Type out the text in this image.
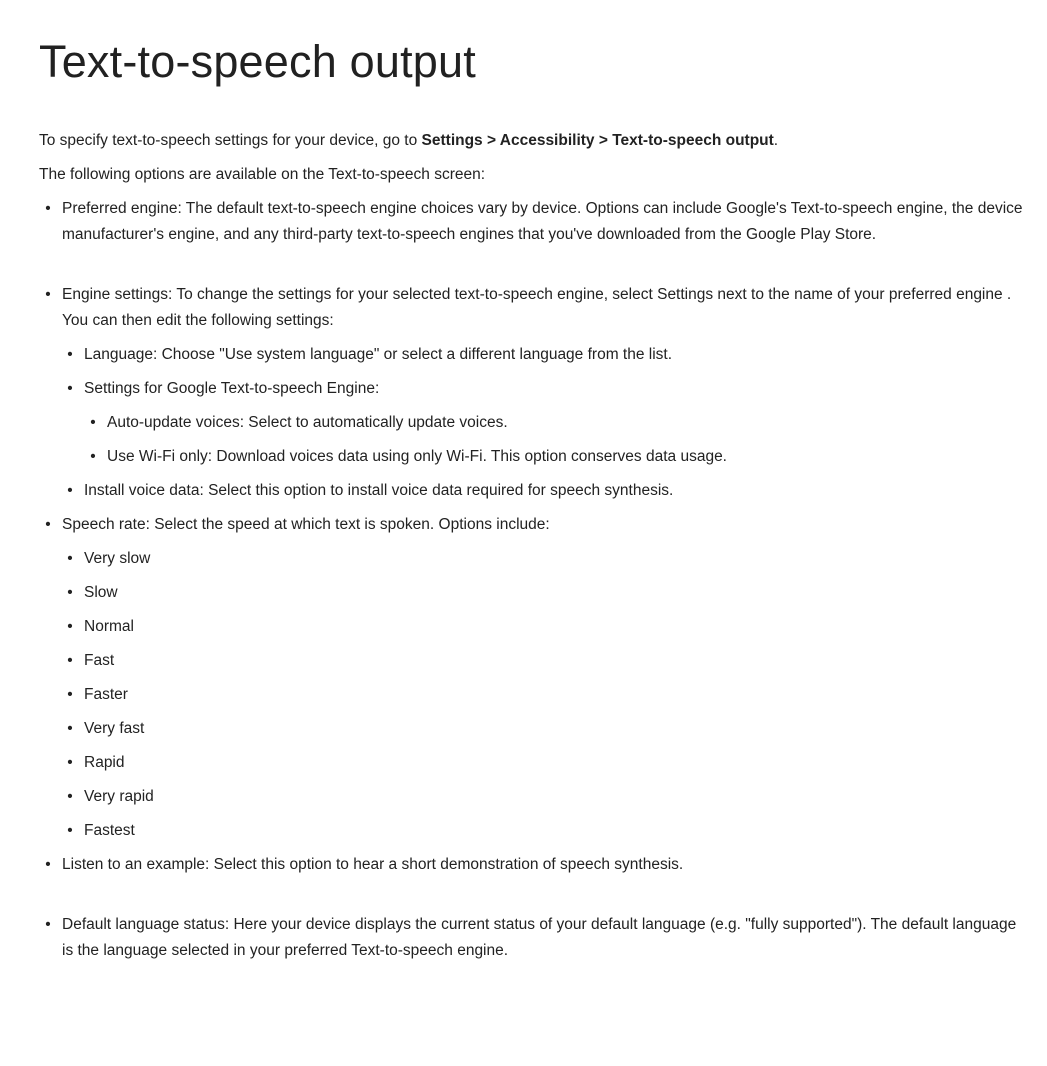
Text-to-speech output

To specify text-to-speech settings for your device, go to Settings > Accessibility > Text-to-speech output.

The following options are available on the Text-to-speech screen:

• Preferred engine: The default text-to-speech engine choices vary by device. Options can include Google's Text-to-speech engine, the device manufacturer's engine, and any third-party text-to-speech engines that you've downloaded from the Google Play Store.
• Engine settings: To change the settings for your selected text-to-speech engine, select Settings next to the name of your preferred engine . You can then edit the following settings:
• Language: Choose "Use system language" or select a different language from the list.
• Settings for Google Text-to-speech Engine:
• Auto-update voices: Select to automatically update voices.
• Use Wi-Fi only: Download voices data using only Wi-Fi. This option conserves data usage.
• Install voice data: Select this option to install voice data required for speech synthesis.
• Speech rate: Select the speed at which text is spoken. Options include:
• Very slow
• Slow
• Normal
• Fast
• Faster
• Very fast
• Rapid
• Very rapid
• Fastest
• Listen to an example: Select this option to hear a short demonstration of speech synthesis.
• Default language status: Here your device displays the current status of your default language (e.g. "fully supported"). The default language is the language selected in your preferred Text-to-speech engine.
